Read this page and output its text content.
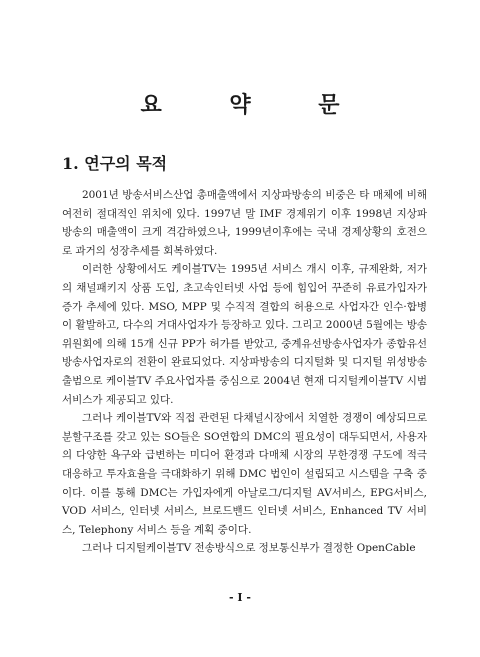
요 약 문
1. 연구의 목적

2001년 방송서비스산업 총매출액에서 지상파방송의 비중은 타 매체에 비해 여전히 절대적인 위치에 있다. 1997년 말 IMF 경제위기 이후 1998년 지상파방송의 매출액이 크게 격감하였으나, 1999년이후에는 국내 경제상황의 호전으로 과거의 성장추세를 회복하였다.

이러한 상황에서도 케이블TV는 1995년 서비스 개시 이후, 규제완화, 저가의 채널패키지 상품 도입, 초고속인터넷 사업 등에 힘입어 꾸준히 유료가입자가 증가 추세에 있다. MSO, MPP 및 수직적 결합의 허용으로 사업자간 인수·합병이 활발하고, 다수의 거대사업자가 등장하고 있다. 그리고 2000년 5월에는 방송위원회에 의해 15개 신규 PP가 허가를 받았고, 중계유선방송사업자가 종합유선방송사업자로의 전환이 완료되었다. 지상파방송의 디지털화 및 디지털 위성방송 출범으로 케이블TV 주요사업자를 중심으로 2004년 현재 디지털케이블TV 시범서비스가 제공되고 있다.

그러나 케이블TV와 직접 관련된 다채널시장에서 치열한 경쟁이 예상되므로 분할구조를 갖고 있는 SO들은 SO연합의 DMC의 필요성이 대두되면서, 사용자의 다양한 욕구와 급변하는 미디어 환경과 다매체 시장의 무한경쟁 구도에 적극 대응하고 투자효율을 극대화하기 위해 DMC 법인이 설립되고 시스템을 구축 중이다. 이를 통해 DMC는 가입자에게 아날로그/디지털 AV서비스, EPG서비스, VOD 서비스, 인터넷 서비스, 브로드밴드 인터넷 서비스, Enhanced TV 서비스, Telephony 서비스 등을 계획 중이다.

그러나 디지털케이블TV 전송방식으로 정보통신부가 결정한 OpenCable

- I -
